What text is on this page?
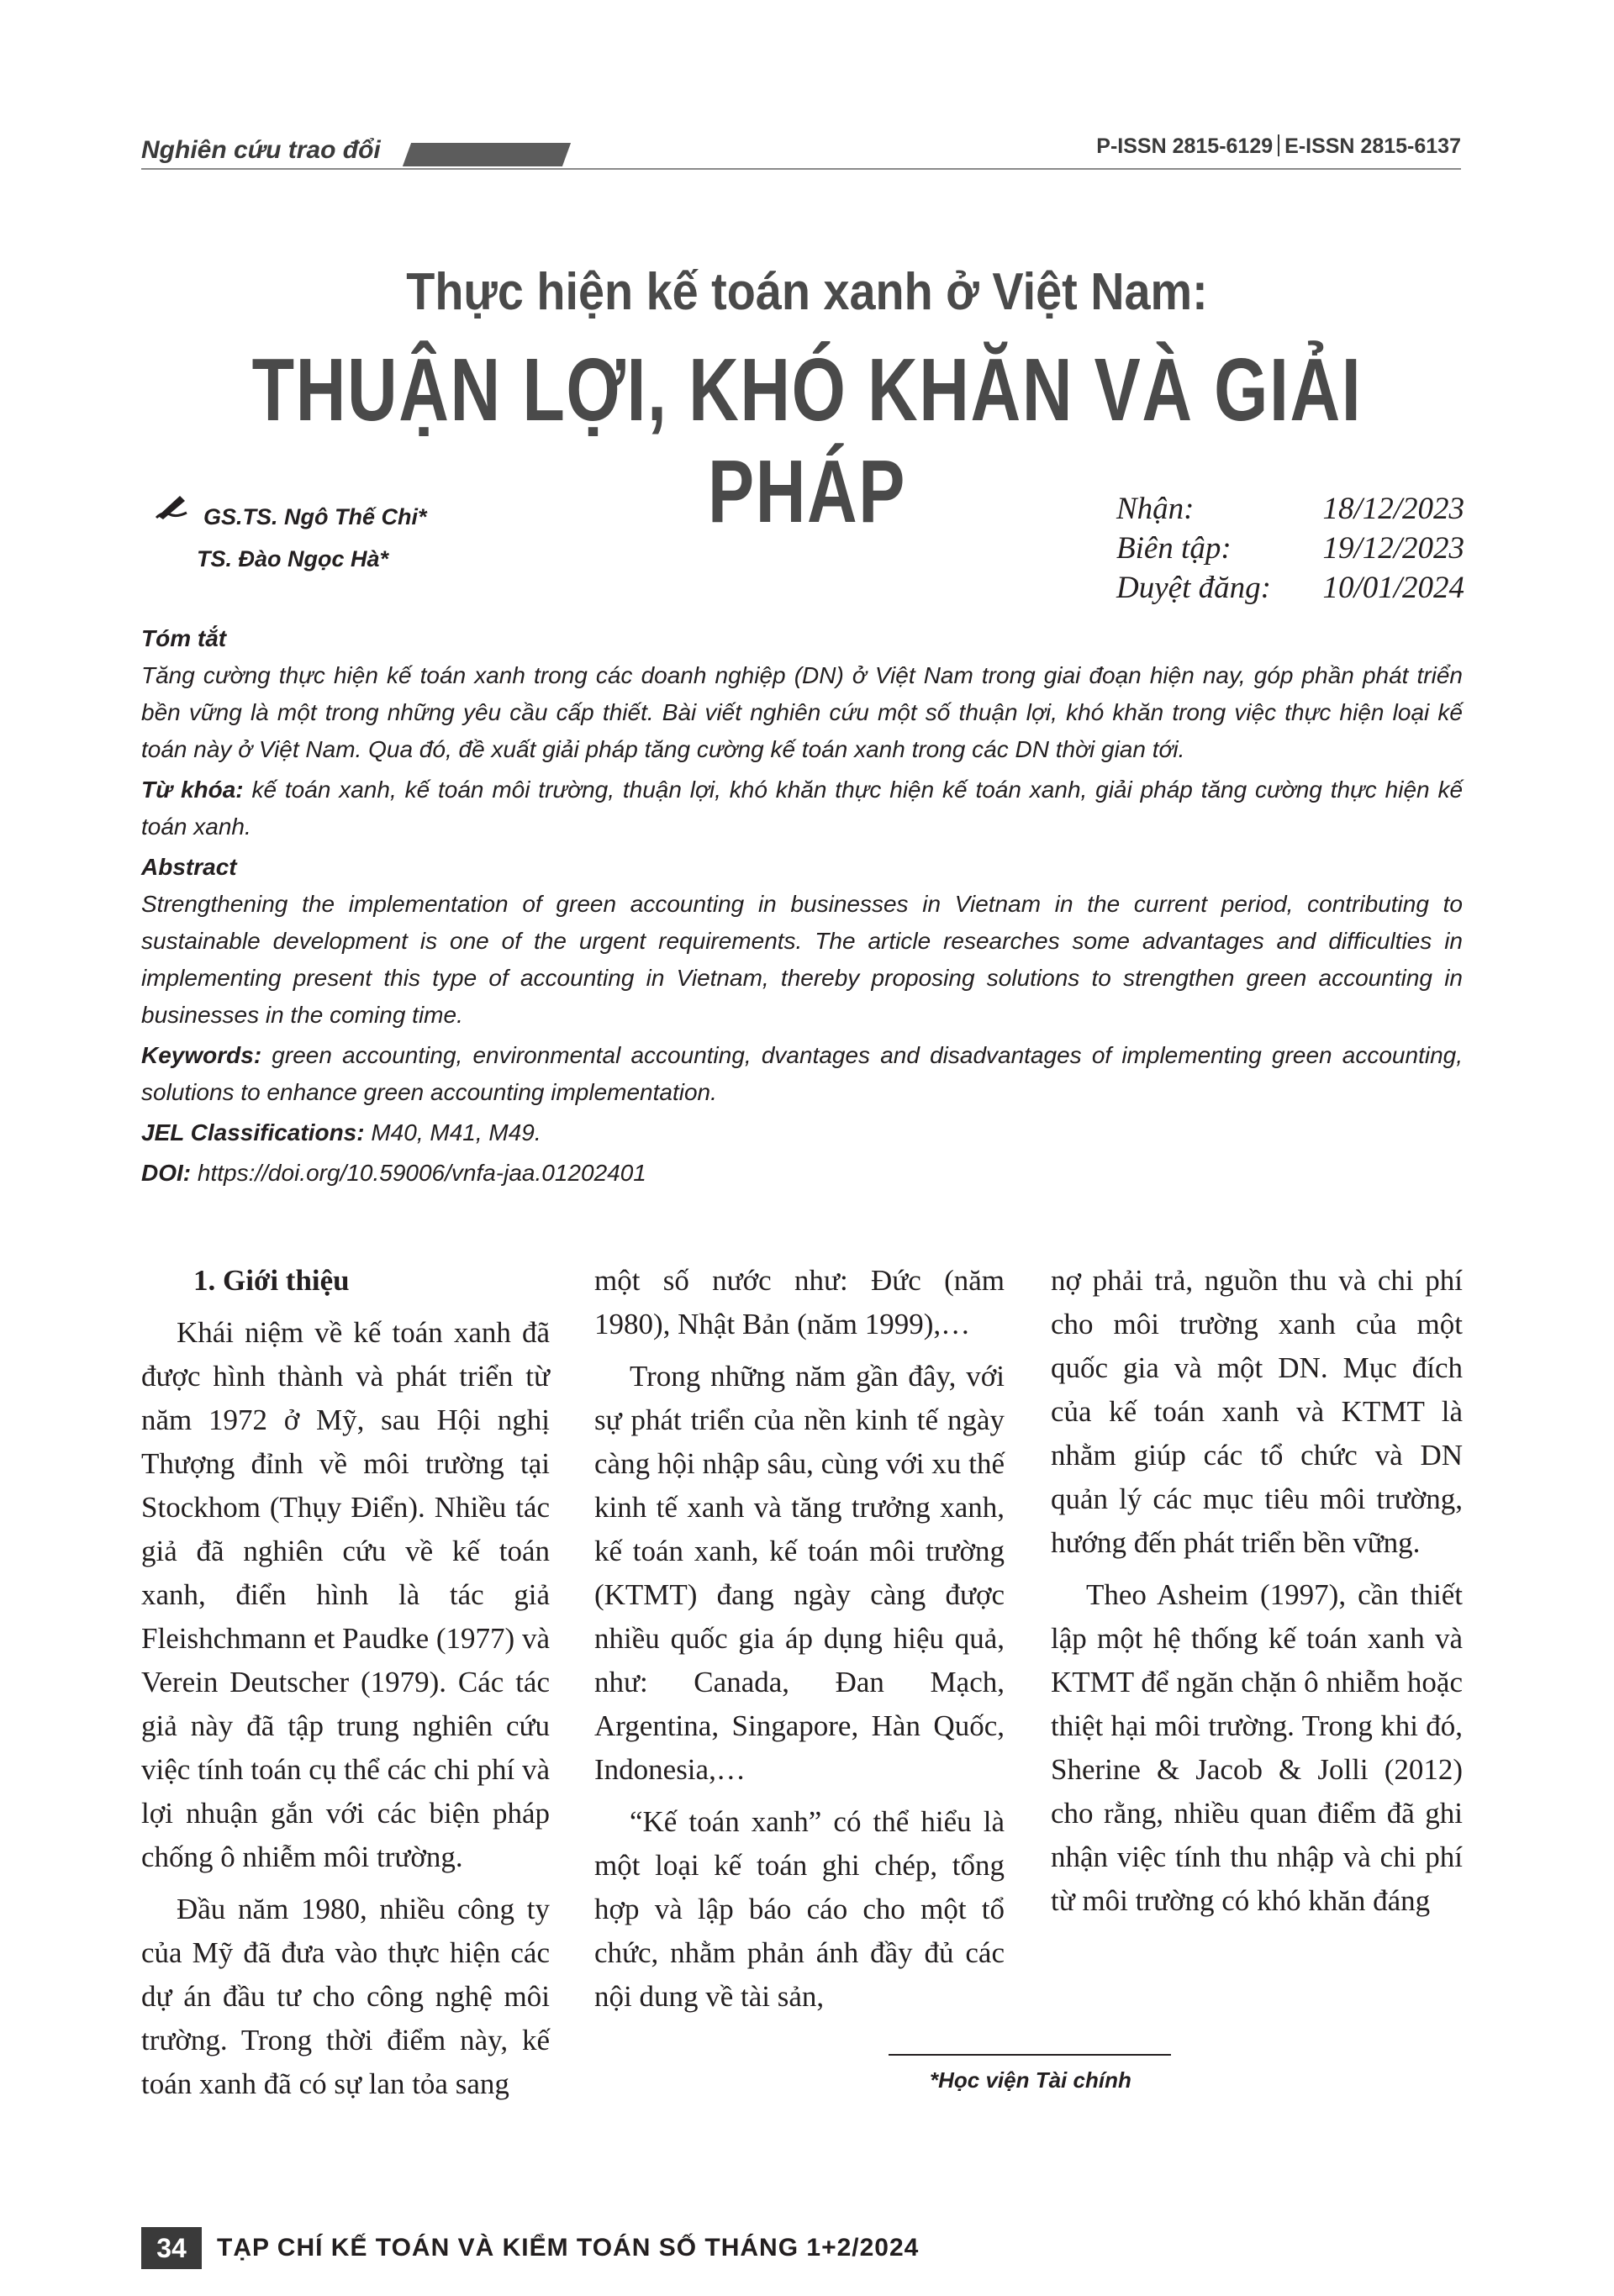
Nghiên cứu trao đổi	P-ISSN 2815-6129 E-ISSN 2815-6137
Thực hiện kế toán xanh ở Việt Nam:
THUẬN LỢI, KHÓ KHĂN VÀ GIẢI PHÁP
GS.TS. Ngô Thế Chi*
TS. Đào Ngọc Hà*
Nhận:	18/12/2023
Biên tập:	19/12/2023
Duyệt đăng: 10/01/2024

Tóm tắt

Tăng cường thực hiện kế toán xanh trong các doanh nghiệp (DN) ở Việt Nam trong giai đoạn hiện nay, góp phần phát triển bền vững là một trong những yêu cầu cấp thiết. Bài viết nghiên cứu một số thuận lợi, khó khăn trong việc thực hiện loại kế toán này ở Việt Nam. Qua đó, đề xuất giải pháp tăng cường kế toán xanh trong các DN thời gian tới.

Từ khóa: kế toán xanh, kế toán môi trường, thuận lợi, khó khăn thực hiện kế toán xanh, giải pháp tăng cường thực hiện kế toán xanh.

Abstract

Strengthening the implementation of green accounting in businesses in Vietnam in the current period, contributing to sustainable development is one of the urgent requirements. The article researches some advantages and difficulties in implementing present this type of accounting in Vietnam, thereby proposing solutions to strengthen green accounting in businesses in the coming time.

Keywords: green accounting, environmental accounting, dvantages and disadvantages of implementing green accounting, solutions to enhance green accounting implementation.

JEL Classifications: M40, M41, M49.

DOI: https://doi.org/10.59006/vnfa-jaa.01202401

1. Giới thiệu

Khái niệm về kế toán xanh đã được hình thành và phát triển từ năm 1972 ở Mỹ, sau Hội nghị Thượng đỉnh về môi trường tại Stockhom (Thụy Điển). Nhiều tác giả đã nghiên cứu về kế toán xanh, điển hình là tác giả Fleishchmann et Paudke (1977) và Verein Deutscher (1979). Các tác giả này đã tập trung nghiên cứu việc tính toán cụ thể các chi phí và lợi nhuận gắn với các biện pháp chống ô nhiễm môi trường.

Đầu năm 1980, nhiều công ty của Mỹ đã đưa vào thực hiện các dự án đầu tư cho công nghệ môi trường. Trong thời điểm này, kế toán xanh đã có sự lan tỏa sang

một số nước như: Đức (năm 1980), Nhật Bản (năm 1999),…

Trong những năm gần đây, với sự phát triển của nền kinh tế ngày càng hội nhập sâu, cùng với xu thế kinh tế xanh và tăng trưởng xanh, kế toán xanh, kế toán môi trường (KTMT) đang ngày càng được nhiều quốc gia áp dụng hiệu quả, như: Canada, Đan Mạch, Argentina, Singapore, Hàn Quốc, Indonesia,…

“Kế toán xanh” có thể hiểu là một loại kế toán ghi chép, tổng hợp và lập báo cáo cho một tổ chức, nhằm phản ánh đầy đủ các nội dung về tài sản,

nợ phải trả, nguồn thu và chi phí cho môi trường xanh của một quốc gia và một DN. Mục đích của kế toán xanh và KTMT là nhằm giúp các tổ chức và DN quản lý các mục tiêu môi trường, hướng đến phát triển bền vững.

Theo Asheim (1997), cần thiết lập một hệ thống kế toán xanh và KTMT để ngăn chặn ô nhiễm hoặc thiệt hại môi trường. Trong khi đó, Sherine & Jacob & Jolli (2012) cho rằng, nhiều quan điểm đã ghi nhận việc tính thu nhập và chi phí từ môi trường có khó khăn đáng

*Học viện Tài chính
34	TẠP CHÍ KẾ TOÁN VÀ KIỂM TOÁN SỐ THÁNG 1+2/2024
